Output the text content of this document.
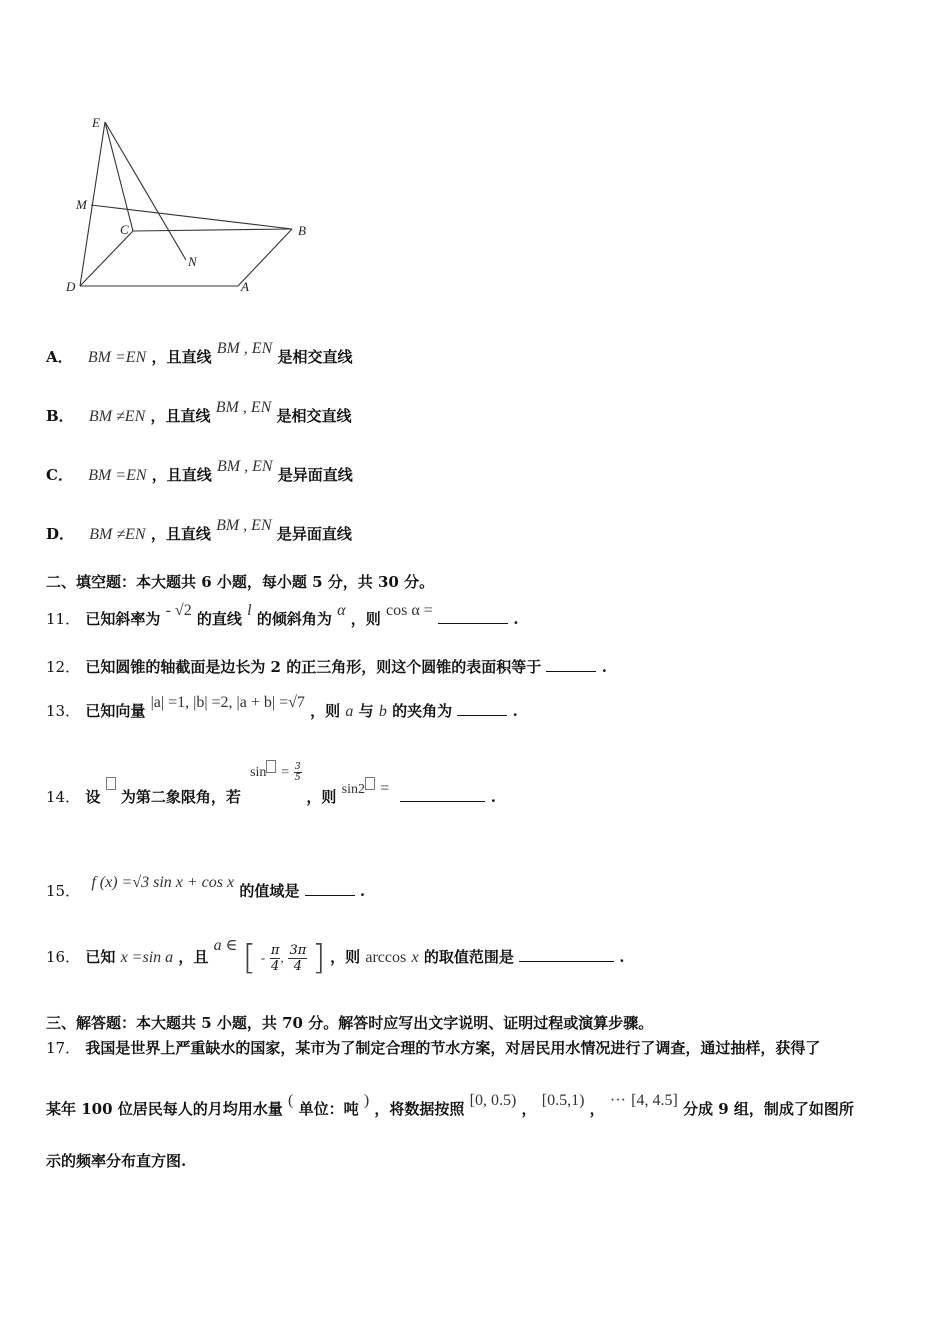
E
M
C	B
N
D	A
A． BM =EN ，且直线 BM , EN 是相交直线
B． BM ≠EN ，且直线 BM , EN 是相交直线
C． BM =EN ，且直线 BM , EN 是异面直线
D． BM ≠EN ，且直线 BM , EN 是异面直线
二、填空题：本大题共 6 小题，每小题 5 分，共 30 分。
11． 已知斜率为 - √2 的直线 l 的倾斜角为 α ，则 cos α =	.
12． 已知圆锥的轴截面是边长为 2 的正三角形，则这个圆锥的表面积等于	.
13． 已知向量 |a| =1, |b| =2, |a + b| =√7 ，则 a 与 b 的夹角为	.
14． 设 为第二象限角，若 $\sin = \frac{3}{5}$
，则 sin2 =	.
15． f (x) =√3 sin x + cos x 的值域是	.
16． 已知 x =sin a ，且 a ∈ [ - $\frac{\pi}{4}$ , $\frac{3\pi}{4}$ ] ，则 arccos x 的取值范围是	.
三、解答题：本大题共 5 小题，共 70 分。解答时应写出文字说明、证明过程或演算步骤。
17． 我国是世界上严重缺水的国家，某市为了制定合理的节水方案，对居民用水情况进行了调查，通过抽样，获得了
某年 100 位居民每人的月均用水量 ( 单位：吨 ) ，将数据按照 [0, 0.5) ， [0.5,1) ， ··· [4, 4.5] 分成 9 组，制成了如图所
示的频率分布直方图.
